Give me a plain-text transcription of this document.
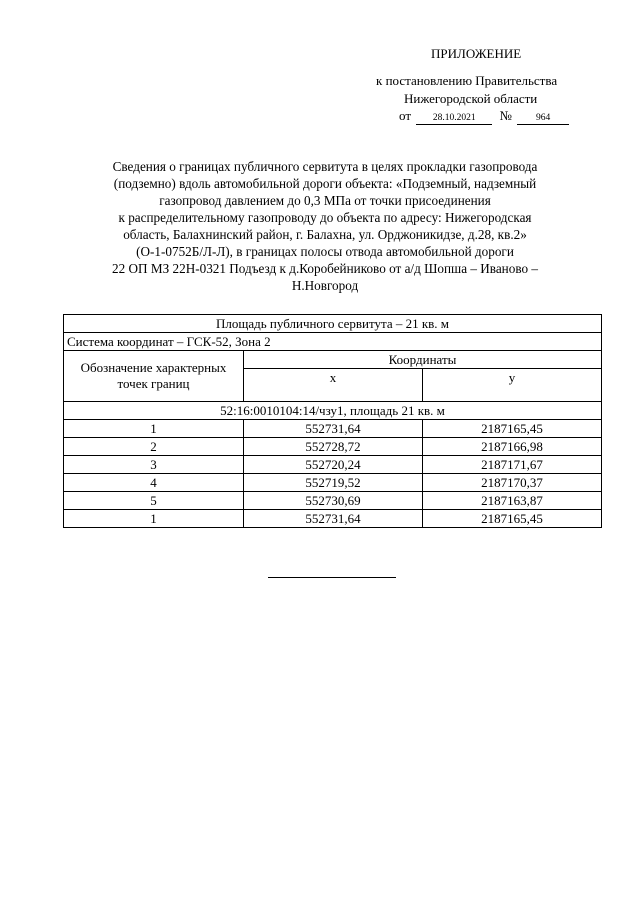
ПРИЛОЖЕНИЕ
к постановлению Правительства
Нижегородской области
от 28.10.2021 №	964
Сведения о границах публичного сервитута в целях прокладки газопровода
(подземно) вдоль автомобильной дороги объекта: «Подземный, надземный
газопровод давлением до 0,3 МПа от точки присоединения
к распределительному газопроводу до объекта по адресу: Нижегородская
область, Балахнинский район, г. Балахна, ул. Орджоникидзе, д.28, кв.2»
(О-1-0752Б/Л-Л), в границах полосы отвода автомобильной дороги
22 ОП МЗ 22Н-0321 Подъезд к д.Коробейниково от а/д Шопша – Иваново –
Н.Новгород
Площадь публичного сервитута – 21 кв. м		
Система координат – ГСК-52, Зона 2		
Обозначение характерных точек границ	Координаты	
	x	y
52:16:0010104:14/чзу1, площадь 21 кв. м		
1	552731,64	2187165,45
2	552728,72	2187166,98
3	552720,24	2187171,67
4	552719,52	2187170,37
5	552730,69	2187163,87
1	552731,64	2187165,45
